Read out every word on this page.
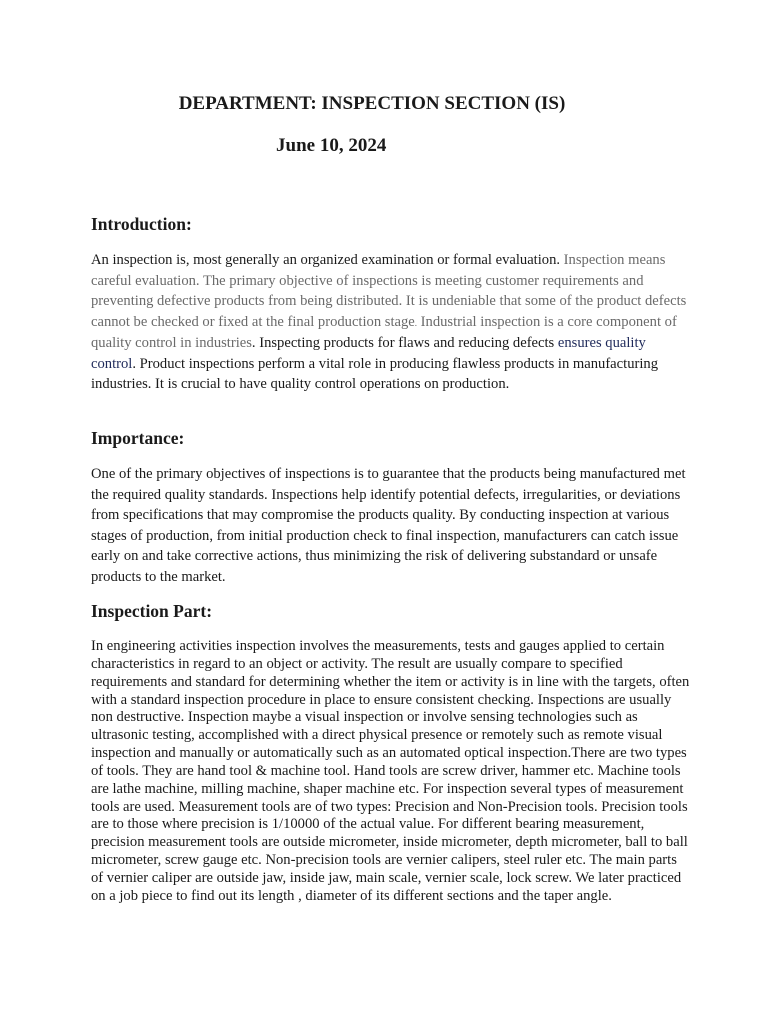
DEPARTMENT: INSPECTION SECTION (IS)
June 10, 2024
Introduction:

An inspection is, most generally an organized examination or formal evaluation. Inspection means careful evaluation. The primary objective of inspections is meeting customer requirements and preventing defective products from being distributed. It is undeniable that some of the product defects cannot be checked or fixed at the final production stage. Industrial inspection is a core component of quality control in industries. Inspecting products for flaws and reducing defects ensures quality control. Product inspections perform a vital role in producing flawless products in manufacturing industries. It is crucial to have quality control operations on production.

Importance:

One of the primary objectives of inspections is to guarantee that the products being manufactured met the required quality standards. Inspections help identify potential defects, irregularities, or deviations from specifications that may compromise the products quality. By conducting inspection at various stages of production, from initial production check to final inspection, manufacturers can catch issue early on and take corrective actions, thus minimizing the risk of delivering substandard or unsafe products to the market.

Inspection Part:

In engineering activities inspection involves the measurements, tests and gauges applied to certain characteristics in regard to an object or activity. The result are usually compare to specified requirements and standard for determining whether the item or activity is in line with the targets, often with a standard inspection procedure in place to ensure consistent checking. Inspections are usually non destructive. Inspection maybe a visual inspection or involve sensing technologies such as ultrasonic testing, accomplished with a direct physical presence or remotely such as remote visual inspection and manually or automatically such as an automated optical inspection.There are two types of tools. They are hand tool & machine tool. Hand tools are screw driver, hammer etc. Machine tools are lathe machine, milling machine, shaper machine etc. For inspection several types of measurement tools are used. Measurement tools are of two types: Precision and Non-Precision tools. Precision tools are to those where precision is 1/10000 of the actual value. For different bearing measurement, precision measurement tools are outside micrometer, inside micrometer, depth micrometer, ball to ball micrometer, screw gauge etc. Non-precision tools are vernier calipers, steel ruler etc. The main parts of vernier caliper are outside jaw, inside jaw, main scale, vernier scale, lock screw. We later practiced on a job piece to find out its length , diameter of its different sections and the taper angle.
